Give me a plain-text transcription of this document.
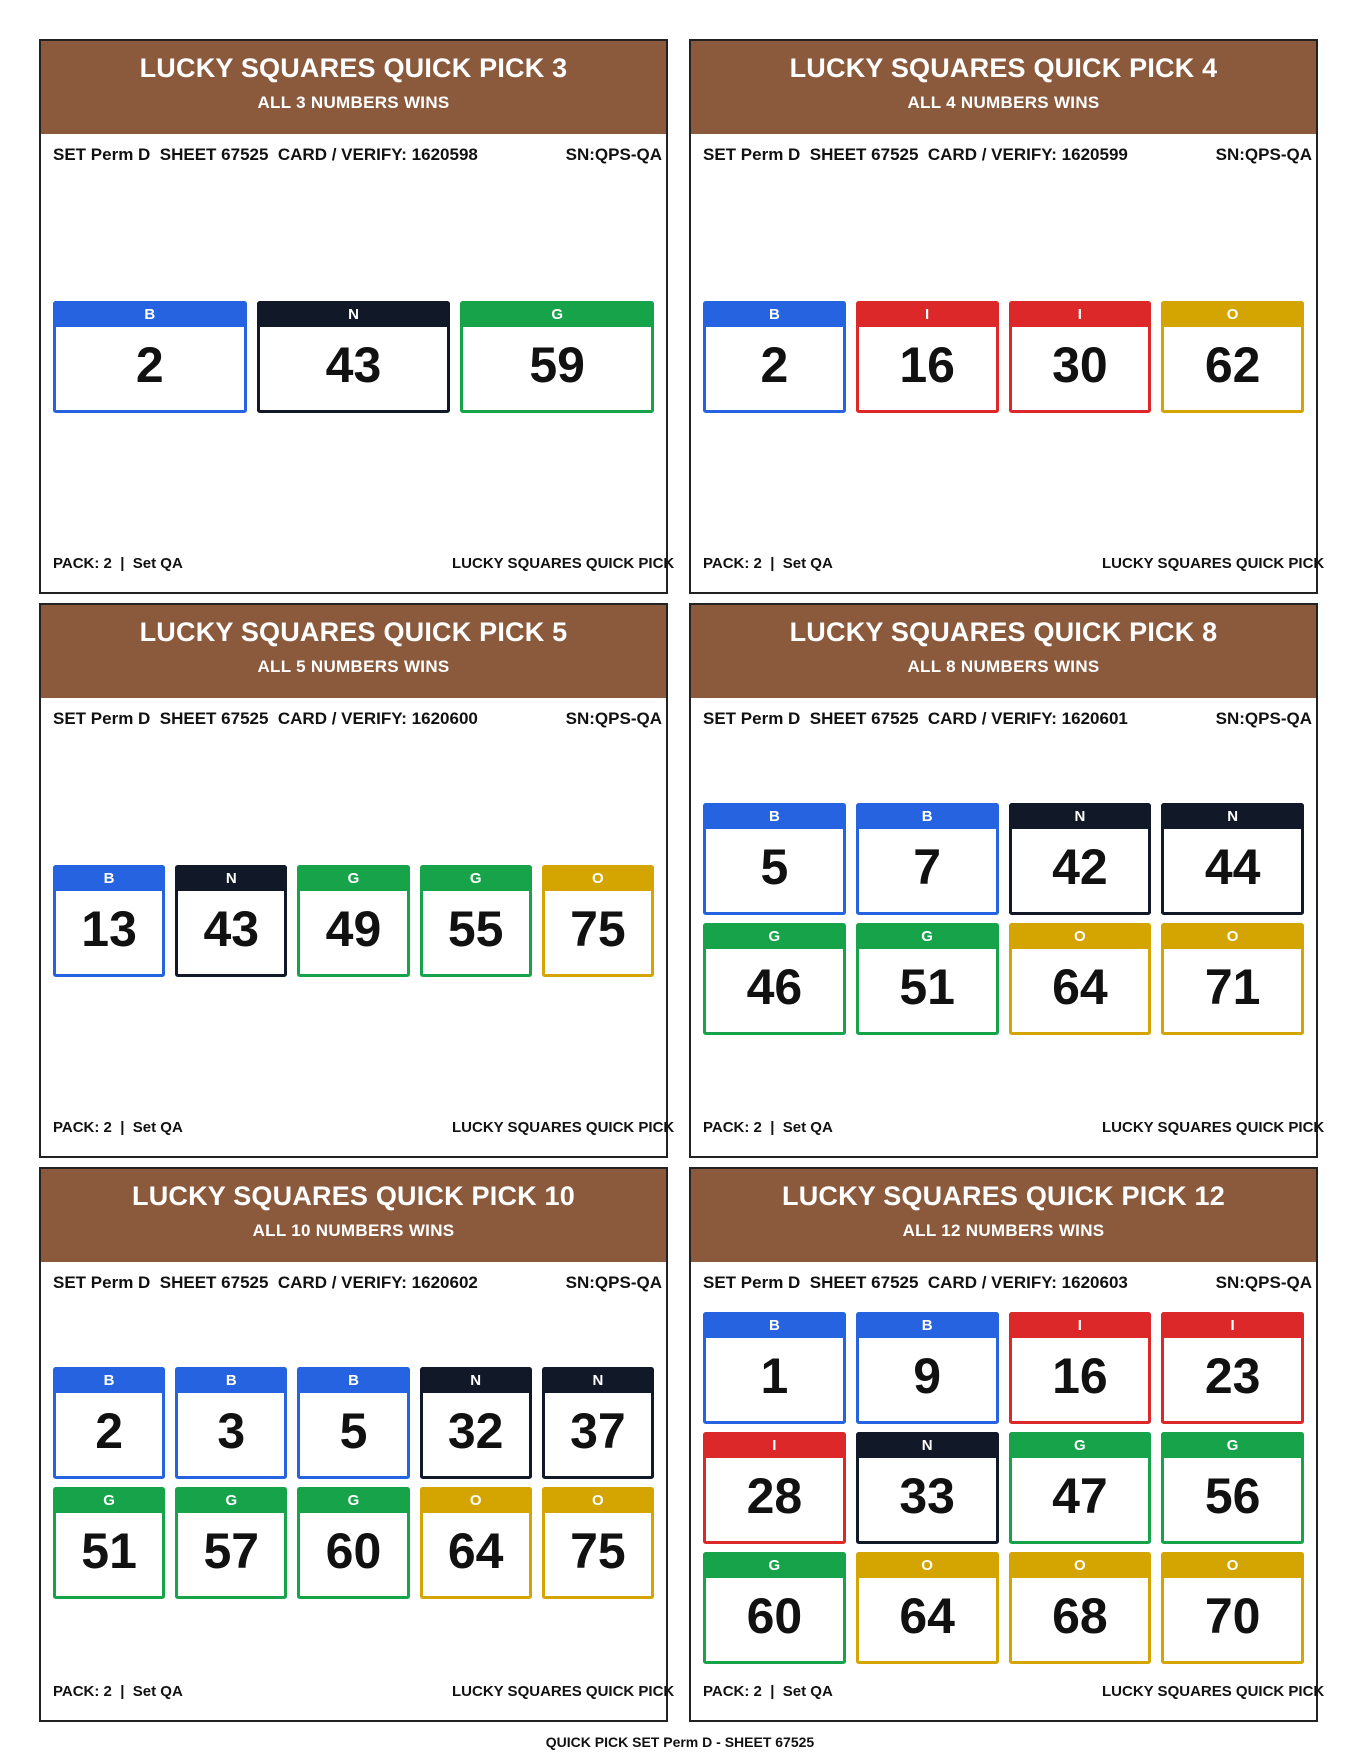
LUCKY SQUARES QUICK PICK 3
ALL 3 NUMBERS WINS
SET Perm D  SHEET 67525  CARD / VERIFY: 1620598	SN:QPS-QA
B
2
N
43
G
59
PACK: 2  |  Set QA	LUCKY SQUARES QUICK PICK
LUCKY SQUARES QUICK PICK 4
ALL 4 NUMBERS WINS
SET Perm D  SHEET 67525  CARD / VERIFY: 1620599	SN:QPS-QA
B
2
I
16
I
30
O
62
PACK: 2  |  Set QA	LUCKY SQUARES QUICK PICK
LUCKY SQUARES QUICK PICK 5
ALL 5 NUMBERS WINS
SET Perm D  SHEET 67525  CARD / VERIFY: 1620600	SN:QPS-QA
B
13
N
43
G
49
G
55
O
75
PACK: 2  |  Set QA	LUCKY SQUARES QUICK PICK
LUCKY SQUARES QUICK PICK 8
ALL 8 NUMBERS WINS
SET Perm D  SHEET 67525  CARD / VERIFY: 1620601	SN:QPS-QA
B
5
B
7
N
42
N
44
G
46
G
51
O
64
O
71
PACK: 2  |  Set QA	LUCKY SQUARES QUICK PICK
LUCKY SQUARES QUICK PICK 10
ALL 10 NUMBERS WINS
SET Perm D  SHEET 67525  CARD / VERIFY: 1620602	SN:QPS-QA
B
2
B
3
B
5
N
32
N
37
G
51
G
57
G
60
O
64
O
75
PACK: 2  |  Set QA	LUCKY SQUARES QUICK PICK
LUCKY SQUARES QUICK PICK 12
ALL 12 NUMBERS WINS
SET Perm D  SHEET 67525  CARD / VERIFY: 1620603	SN:QPS-QA
B
1
B
9
I
16
I
23
I
28
N
33
G
47
G
56
G
60
O
64
O
68
O
70
PACK: 2  |  Set QA	LUCKY SQUARES QUICK PICK
QUICK PICK SET Perm D - SHEET 67525
